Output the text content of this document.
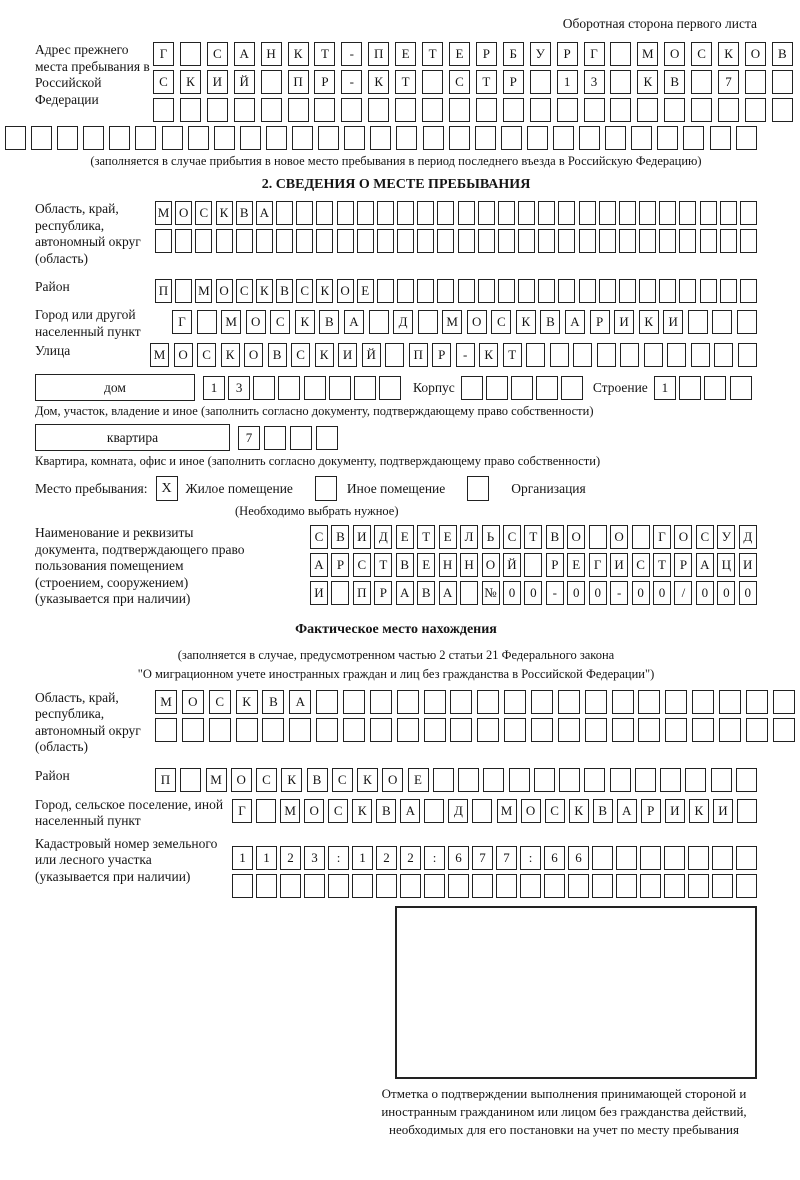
Оборотная сторона первого листа
Адрес прежнего места пребывания в Российской Федерации
Г	С	А	Н	К	Т	-	П	Е	Т	Е	Р	Б	У	Р	Г	М	О	С	К	О	В
С	К	И	Й	П	Р	-	К	Т	С	Т	Р	1	3	К	В	7
(заполняется в случае прибытия в новое место пребывания в период последнего въезда в Российскую Федерацию)
2. СВЕДЕНИЯ О МЕСТЕ ПРЕБЫВАНИЯ
Область, край, республика, автономный округ (область)
М О С К В А
Район	П М О С К В С К О Е
Город или другой населенный пункт
Г	М	О	С	К	В	А	Д	М	О	С	К	В	А	Р	И	К	И
Улица	М	О	С	К	О	В	С	К	И	Й	П	Р	-	К	Т
дом	1	3	Корпус	Строение	1
Дом, участок, владение и иное (заполнить согласно документу, подтверждающему право собственности)
квартира	7
Квартира, комната, офис и иное (заполнить согласно документу, подтверждающему право собственности)
Место пребывания: X	Жилое помещение	Иное помещение	Организация
(Необходимо выбрать нужное)
Наименование и реквизиты документа, подтверждающего право пользования помещением (строением, сооружением) (указывается при наличии)
С В И Д	Е	Т	Е	Л	Ь	С	Т	В О	О	Г О С У Д
А	Р	С	Т	В	Е Н Н О Й	Р	Е	Г И С	Т	Р	А Ц И
И	П	Р	А В А	№ 0	0	-	0	0	-	0	0	/	0	0	0
Фактическое место нахождения
(заполняется в случае, предусмотренном частью 2 статьи 21 Федерального закона
"О миграционном учете иностранных граждан и лиц без гражданства в Российской Федерации")
Область, край, республика, автономный округ (область)
М	О	С	К	В	А
Район	П	М	О	С	К	В	С	К	О	Е
Город, сельское поселение, иной населенный пункт
Г	М	О	С	К	В	А	Д	М	О	С	К	В	А	Р	И	К	И
Кадастровый номер земельного или лесного участка (указывается при наличии)
1	1	2	3	:	1	2	2	:	6	7	7	:	6	6
Отметка о подтверждении выполнения принимающей стороной и иностранным гражданином или лицом без гражданства действий, необходимых для его постановки на учет по месту пребывания
